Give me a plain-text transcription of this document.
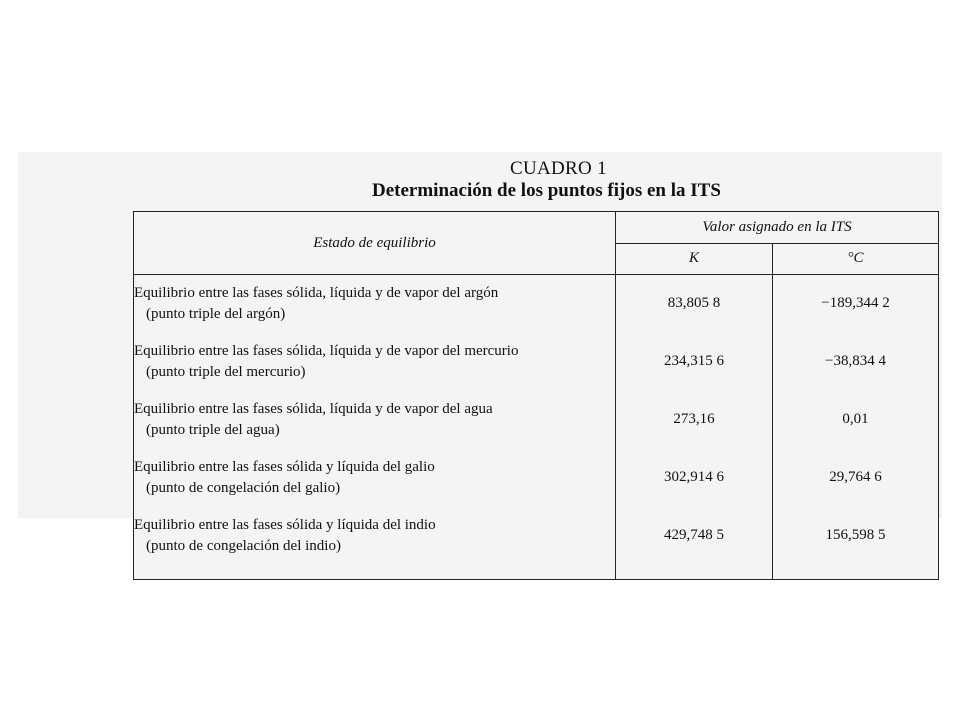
CUADRO 1
Determinación de los puntos fijos en la ITS
Estado de equilibrio	Valor asignado en la ITS	
	K	°C
Equilibrio entre las fases sólida, líquida y de vapor del argón
(punto triple del argón)	83,805 8	−189,344 2
Equilibrio entre las fases sólida, líquida y de vapor del mercurio
(punto triple del mercurio)	234,315 6	−38,834 4
Equilibrio entre las fases sólida, líquida y de vapor del agua
(punto triple del agua)	273,16	0,01
Equilibrio entre las fases sólida y líquida del galio
(punto de congelación del galio)	302,914 6	29,764 6
Equilibrio entre las fases sólida y líquida del indio
(punto de congelación del indio)	429,748 5	156,598 5
